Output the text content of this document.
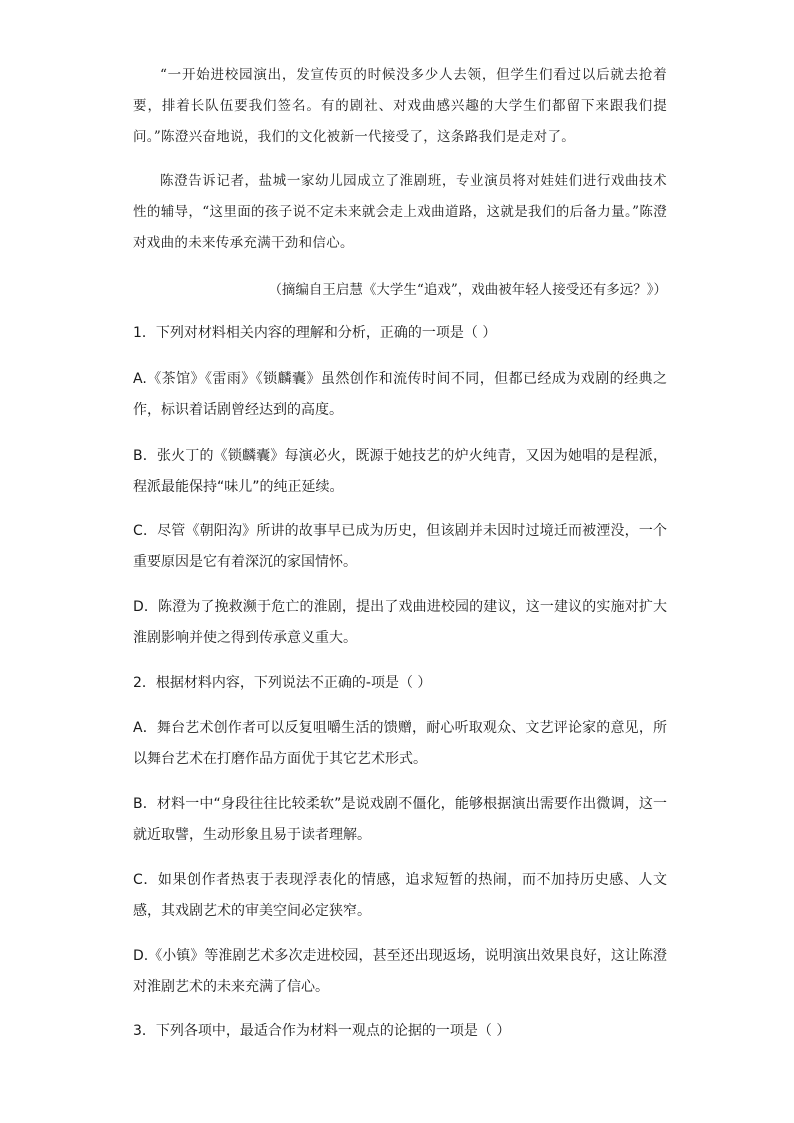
“一开始进校园演出，发宣传页的时候没多少人去领，但学生们看过以后就去抢着要，排着长队伍要我们签名。有的剧社、对戏曲感兴趣的大学生们都留下来跟我们提问。”陈澄兴奋地说，我们的文化被新一代接受了，这条路我们是走对了。

陈澄告诉记者，盐城一家幼儿园成立了淮剧班，专业演员将对娃娃们进行戏曲技术性的辅导，“这里面的孩子说不定未来就会走上戏曲道路，这就是我们的后备力量。”陈澄对戏曲的未来传承充满干劲和信心。

（摘编自王启慧《大学生“追戏”，戏曲被年轻人接受还有多远？》）

1．下列对材料相关内容的理解和分析，正确的一项是（ ）

A.《茶馆》《雷雨》《锁麟囊》虽然创作和流传时间不同，但都已经成为戏剧的经典之作，标识着话剧曾经达到的高度。

B．张火丁的《锁麟囊》每演必火，既源于她技艺的炉火纯青，又因为她唱的是程派，程派最能保持“味儿”的纯正延续。

C．尽管《朝阳沟》所讲的故事早已成为历史，但该剧并未因时过境迁而被湮没，一个重要原因是它有着深沉的家国情怀。

D．陈澄为了挽救濒于危亡的淮剧，提出了戏曲进校园的建议，这一建议的实施对扩大淮剧影响并使之得到传承意义重大。

2．根据材料内容，下列说法不正确的-项是（ ）

A．舞台艺术创作者可以反复咀嚼生活的馈赠，耐心听取观众、文艺评论家的意见，所以舞台艺术在打磨作品方面优于其它艺术形式。

B．材料一中“身段往往比较柔软”是说戏剧不僵化，能够根据演出需要作出微调，这一就近取譬，生动形象且易于读者理解。

C．如果创作者热衷于表现浮表化的情感，追求短暂的热闹，而不加持历史感、人文感，其戏剧艺术的审美空间必定狭窄。

D.《小镇》等淮剧艺术多次走进校园，甚至还出现返场，说明演出效果良好，这让陈澄对淮剧艺术的未来充满了信心。

3．下列各项中，最适合作为材料一观点的论据的一项是（ ）
